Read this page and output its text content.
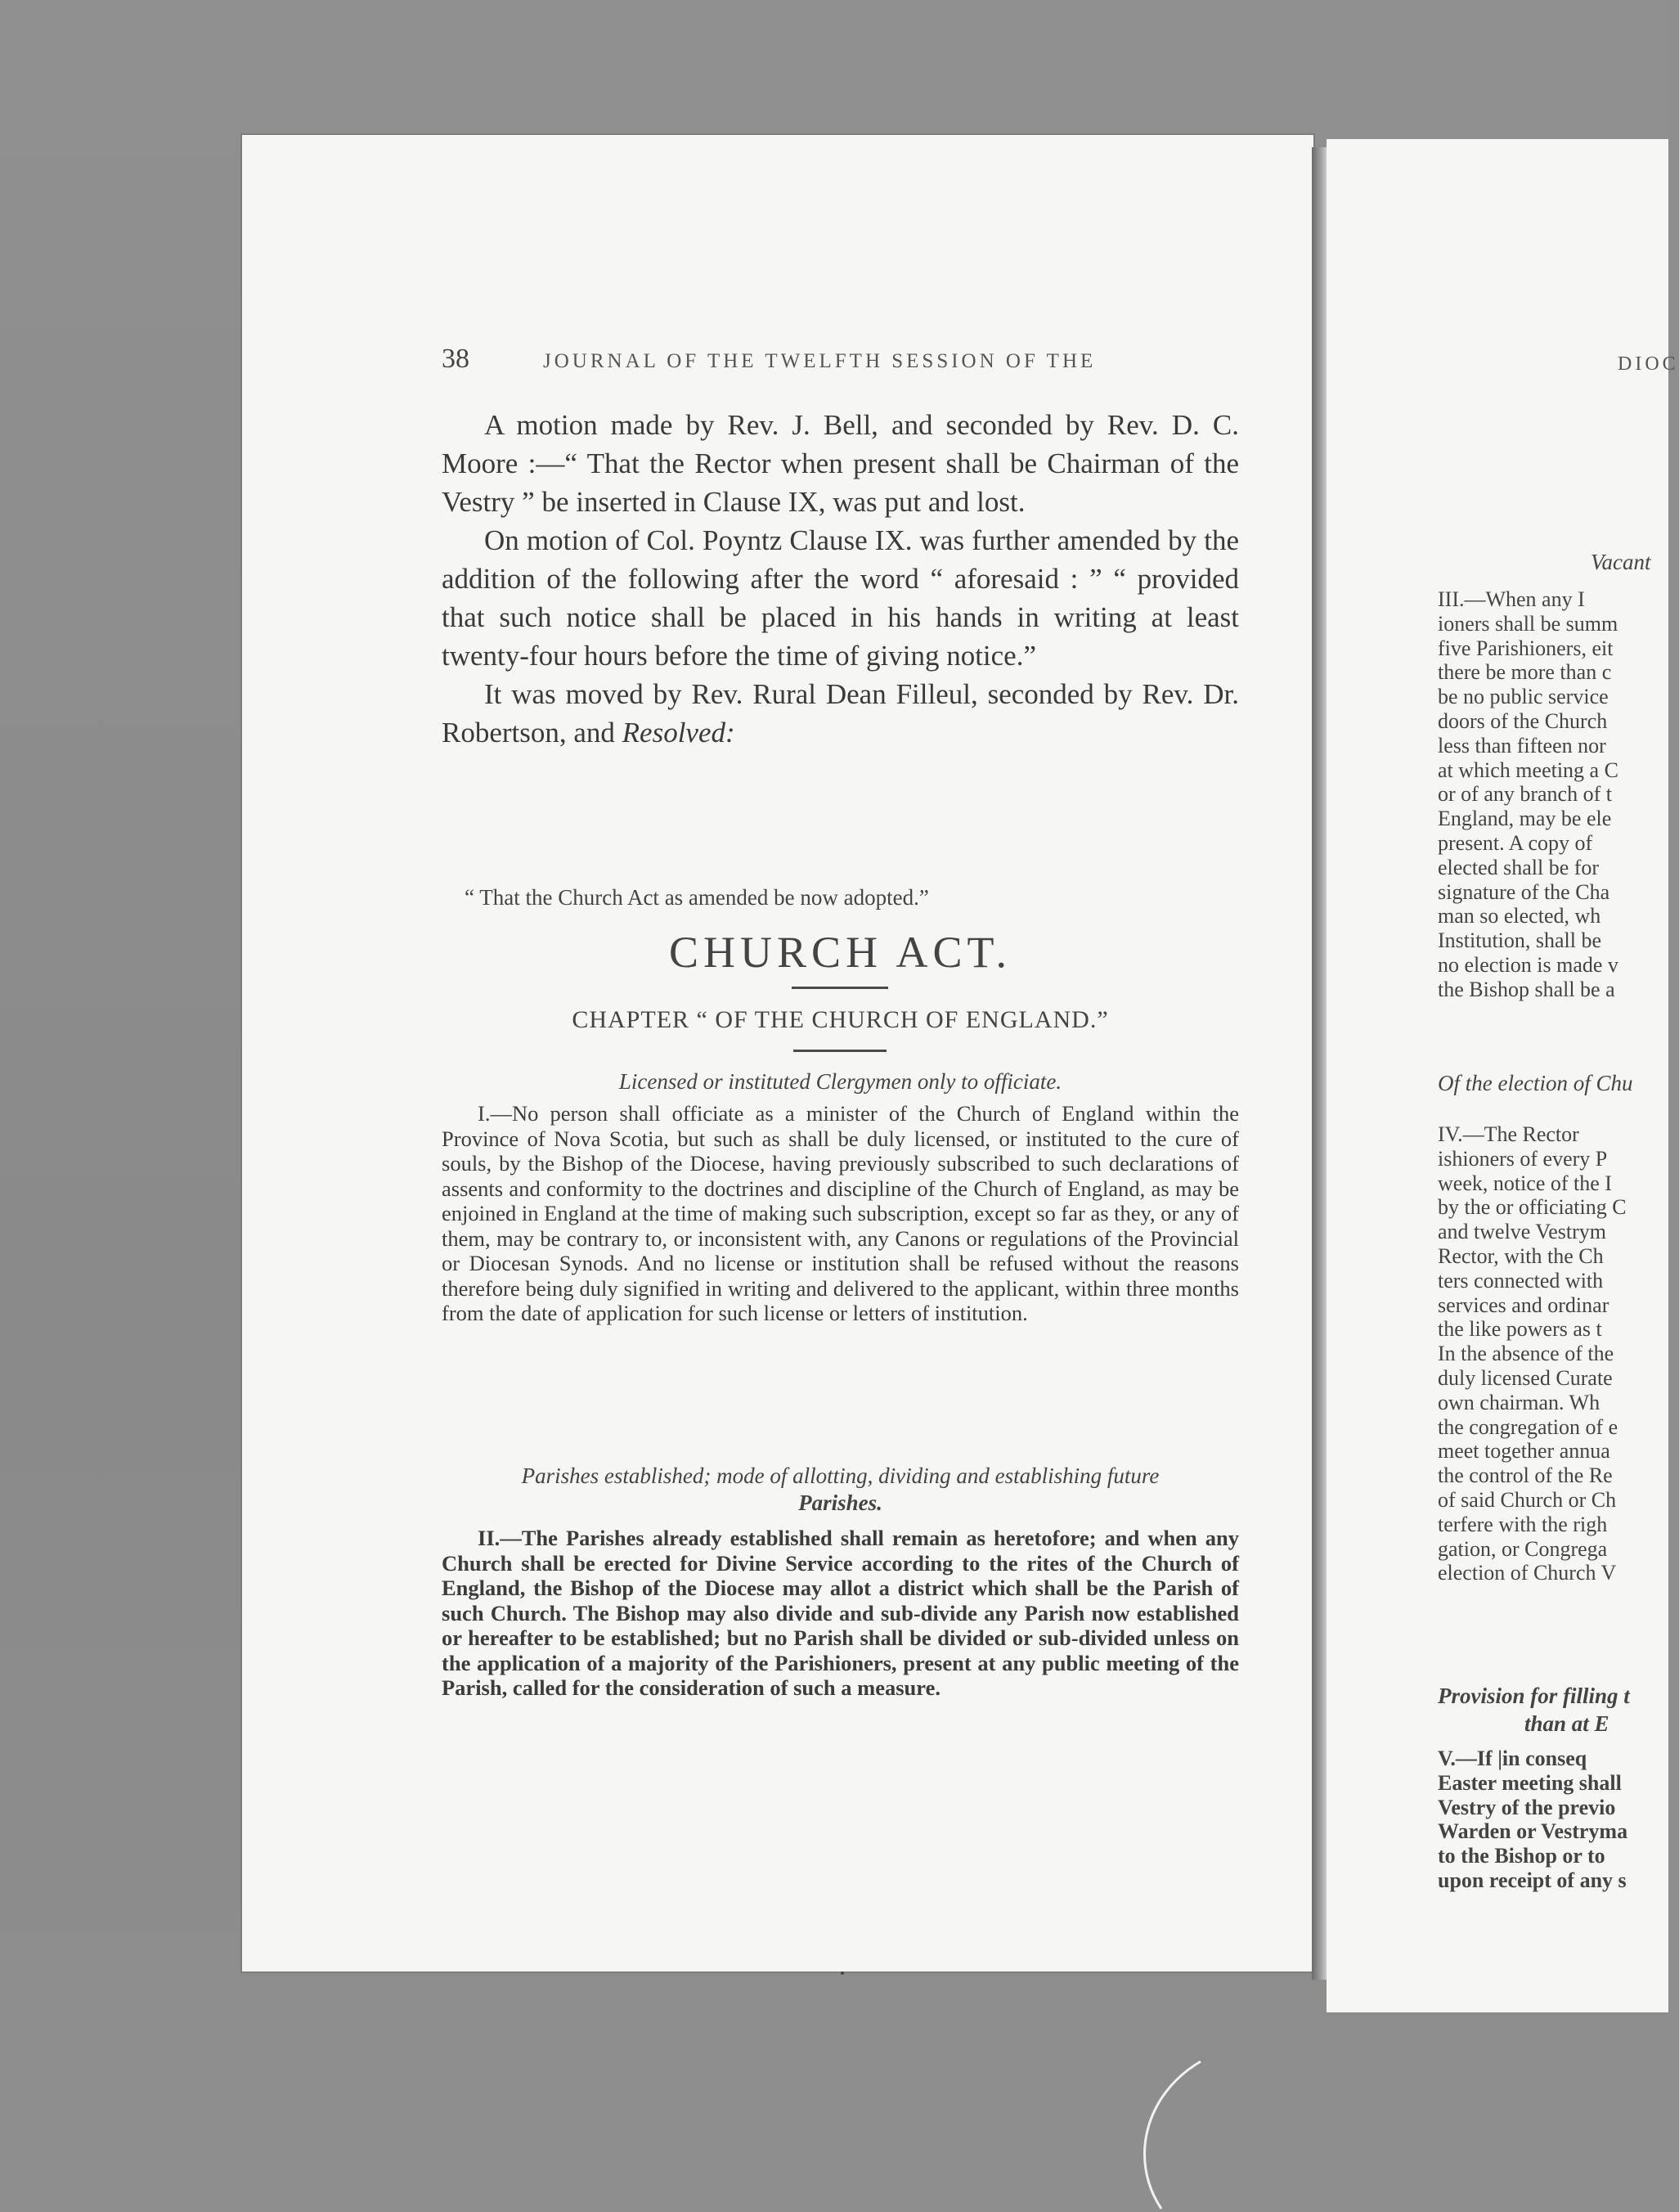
38	JOURNAL OF THE TWELFTH SESSION OF THE

A motion made by Rev. J. Bell, and seconded by Rev. D. C. Moore :—“ That the Rector when present shall be Chairman of the Vestry ” be inserted in Clause IX, was put and lost.

On motion of Col. Poyntz Clause IX. was further amended by the addition of the following after the word “ aforesaid : ” “ provided that such notice shall be placed in his hands in writing at least twenty-four hours before the time of giving notice.”

It was moved by Rev. Rural Dean Filleul, seconded by Rev. Dr. Robertson, and Resolved:

“ That the Church Act as amended be now adopted.”
CHURCH ACT.
CHAPTER “ OF THE CHURCH OF ENGLAND.”
Licensed or instituted Clergymen only to officiate.

I.—No person shall officiate as a minister of the Church of England within the Province of Nova Scotia, but such as shall be duly licensed, or instituted to the cure of souls, by the Bishop of the Diocese, having previously subscribed to such declarations of assents and conformity to the doctrines and discipline of the Church of England, as may be enjoined in England at the time of making such subscription, except so far as they, or any of them, may be contrary to, or inconsistent with, any Canons or regulations of the Provincial or Diocesan Synods. And no license or institution shall be refused without the reasons therefore being duly signified in writing and delivered to the applicant, within three months from the date of application for such license or letters of institution.

Parishes established; mode of allotting, dividing and establishing future
Parishes.

II.—The Parishes already established shall remain as heretofore; and when any Church shall be erected for Divine Service according to the rites of the Church of England, the Bishop of the Diocese may allot a district which shall be the Parish of such Church. The Bishop may also divide and sub-divide any Parish now established or hereafter to be established; but no Parish shall be divided or sub-divided unless on the application of a majority of the Parishioners, present at any public meeting of the Parish, called for the consideration of such a measure.

DIOC
Vacant
III.—When any I
ioners shall be summ
five Parishioners, eit
there be more than c
be no public service
doors of the Church
less than fifteen nor
at which meeting a C
or of any branch of t
England, may be ele
present. A copy of
elected shall be for
signature of the Cha
man so elected, wh
Institution, shall be
no election is made v
the Bishop shall be a
Of the election of Chu
IV.—The Rector
ishioners of every P
week, notice of the I
by the or officiating C
and twelve Vestrym
Rector, with the Ch
ters connected with
services and ordinar
the like powers as t
In the absence of the
duly licensed Curate
own chairman. Wh
the congregation of e
meet together annua
the control of the Re
of said Church or Ch
terfere with the righ
gation, or Congrega
election of Church V
Provision for filling t
than at E
V.—If |in conseq
Easter meeting shall
Vestry of the previo
Warden or Vestryma
to the Bishop or to
upon receipt of any s
